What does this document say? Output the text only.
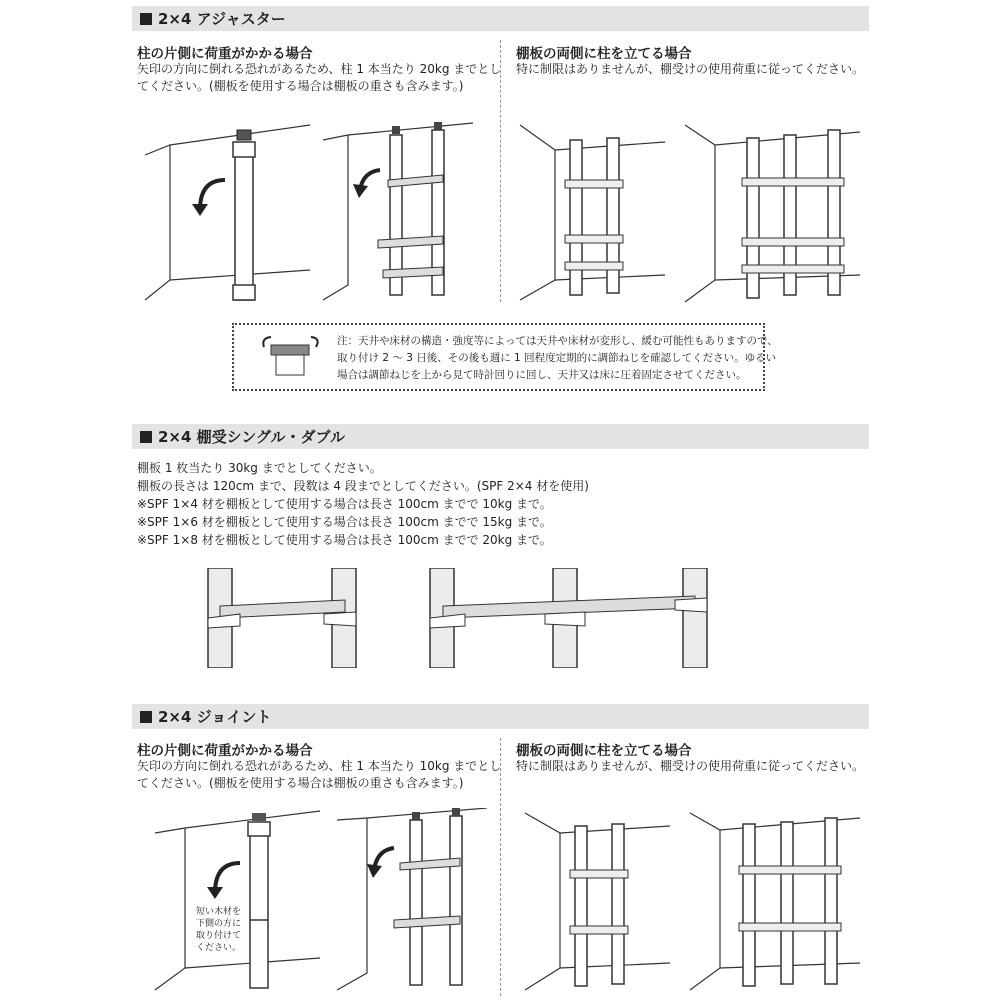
2×4 アジャスター
柱の片側に荷重がかかる場合
矢印の方向に倒れる恐れがあるため、柱 1 本当たり 20kg までとし
てください。(棚板を使用する場合は棚板の重さも含みます。)
棚板の両側に柱を立てる場合
特に制限はありませんが、棚受けの使用荷重に従ってください。
注：天井や床材の構造・強度等によっては天井や床材が変形し、緩む可能性もありますので、
取り付け 2 〜 3 日後、その後も週に 1 回程度定期的に調節ねじを確認してください。ゆるい
場合は調節ねじを上から見て時計回りに回し、天井又は床に圧着固定させてください。
2×4 棚受シングル・ダブル
棚板 1 枚当たり 30kg までとしてください。
棚板の長さは 120cm まで、段数は 4 段までとしてください。(SPF 2×4 材を使用)
※SPF 1×4 材を棚板として使用する場合は長さ 100cm までで 10kg まで。
※SPF 1×6 材を棚板として使用する場合は長さ 100cm までで 15kg まで。
※SPF 1×8 材を棚板として使用する場合は長さ 100cm までで 20kg まで。
2×4 ジョイント
柱の片側に荷重がかかる場合
矢印の方向に倒れる恐れがあるため、柱 1 本当たり 10kg までとし
てください。(棚板を使用する場合は棚板の重さも含みます。)
棚板の両側に柱を立てる場合
特に制限はありませんが、棚受けの使用荷重に従ってください。
短い木材を
下側の方に
取り付けて
ください。
